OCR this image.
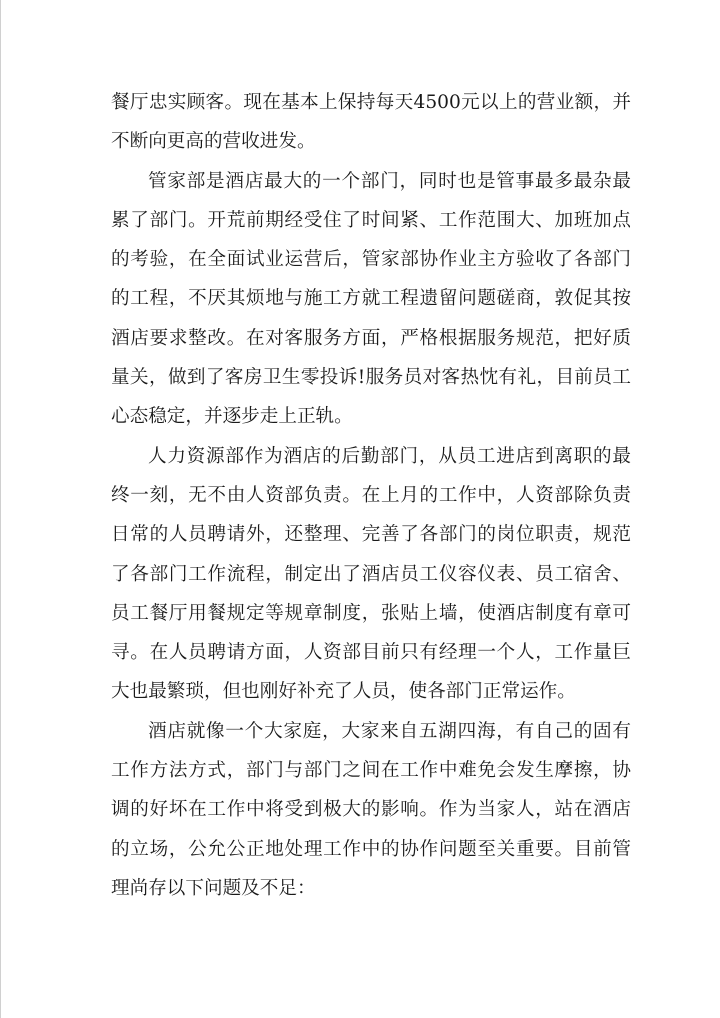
餐厅忠实顾客。现在基本上保持每天4500元以上的营业额，并不断向更高的营收进发。

管家部是酒店最大的一个部门，同时也是管事最多最杂最累了部门。开荒前期经受住了时间紧、工作范围大、加班加点的考验，在全面试业运营后，管家部协作业主方验收了各部门的工程，不厌其烦地与施工方就工程遗留问题磋商，敦促其按酒店要求整改。在对客服务方面，严格根据服务规范，把好质量关，做到了客房卫生零投诉!服务员对客热忱有礼，目前员工心态稳定，并逐步走上正轨。

人力资源部作为酒店的后勤部门，从员工进店到离职的最终一刻，无不由人资部负责。在上月的工作中，人资部除负责日常的人员聘请外，还整理、完善了各部门的岗位职责，规范了各部门工作流程，制定出了酒店员工仪容仪表、员工宿舍、员工餐厅用餐规定等规章制度，张贴上墙，使酒店制度有章可寻。在人员聘请方面，人资部目前只有经理一个人，工作量巨大也最繁琐，但也刚好补充了人员，使各部门正常运作。

酒店就像一个大家庭，大家来自五湖四海，有自己的固有工作方法方式，部门与部门之间在工作中难免会发生摩擦，协调的好坏在工作中将受到极大的影响。作为当家人，站在酒店的立场，公允公正地处理工作中的协作问题至关重要。目前管理尚存以下问题及不足：
